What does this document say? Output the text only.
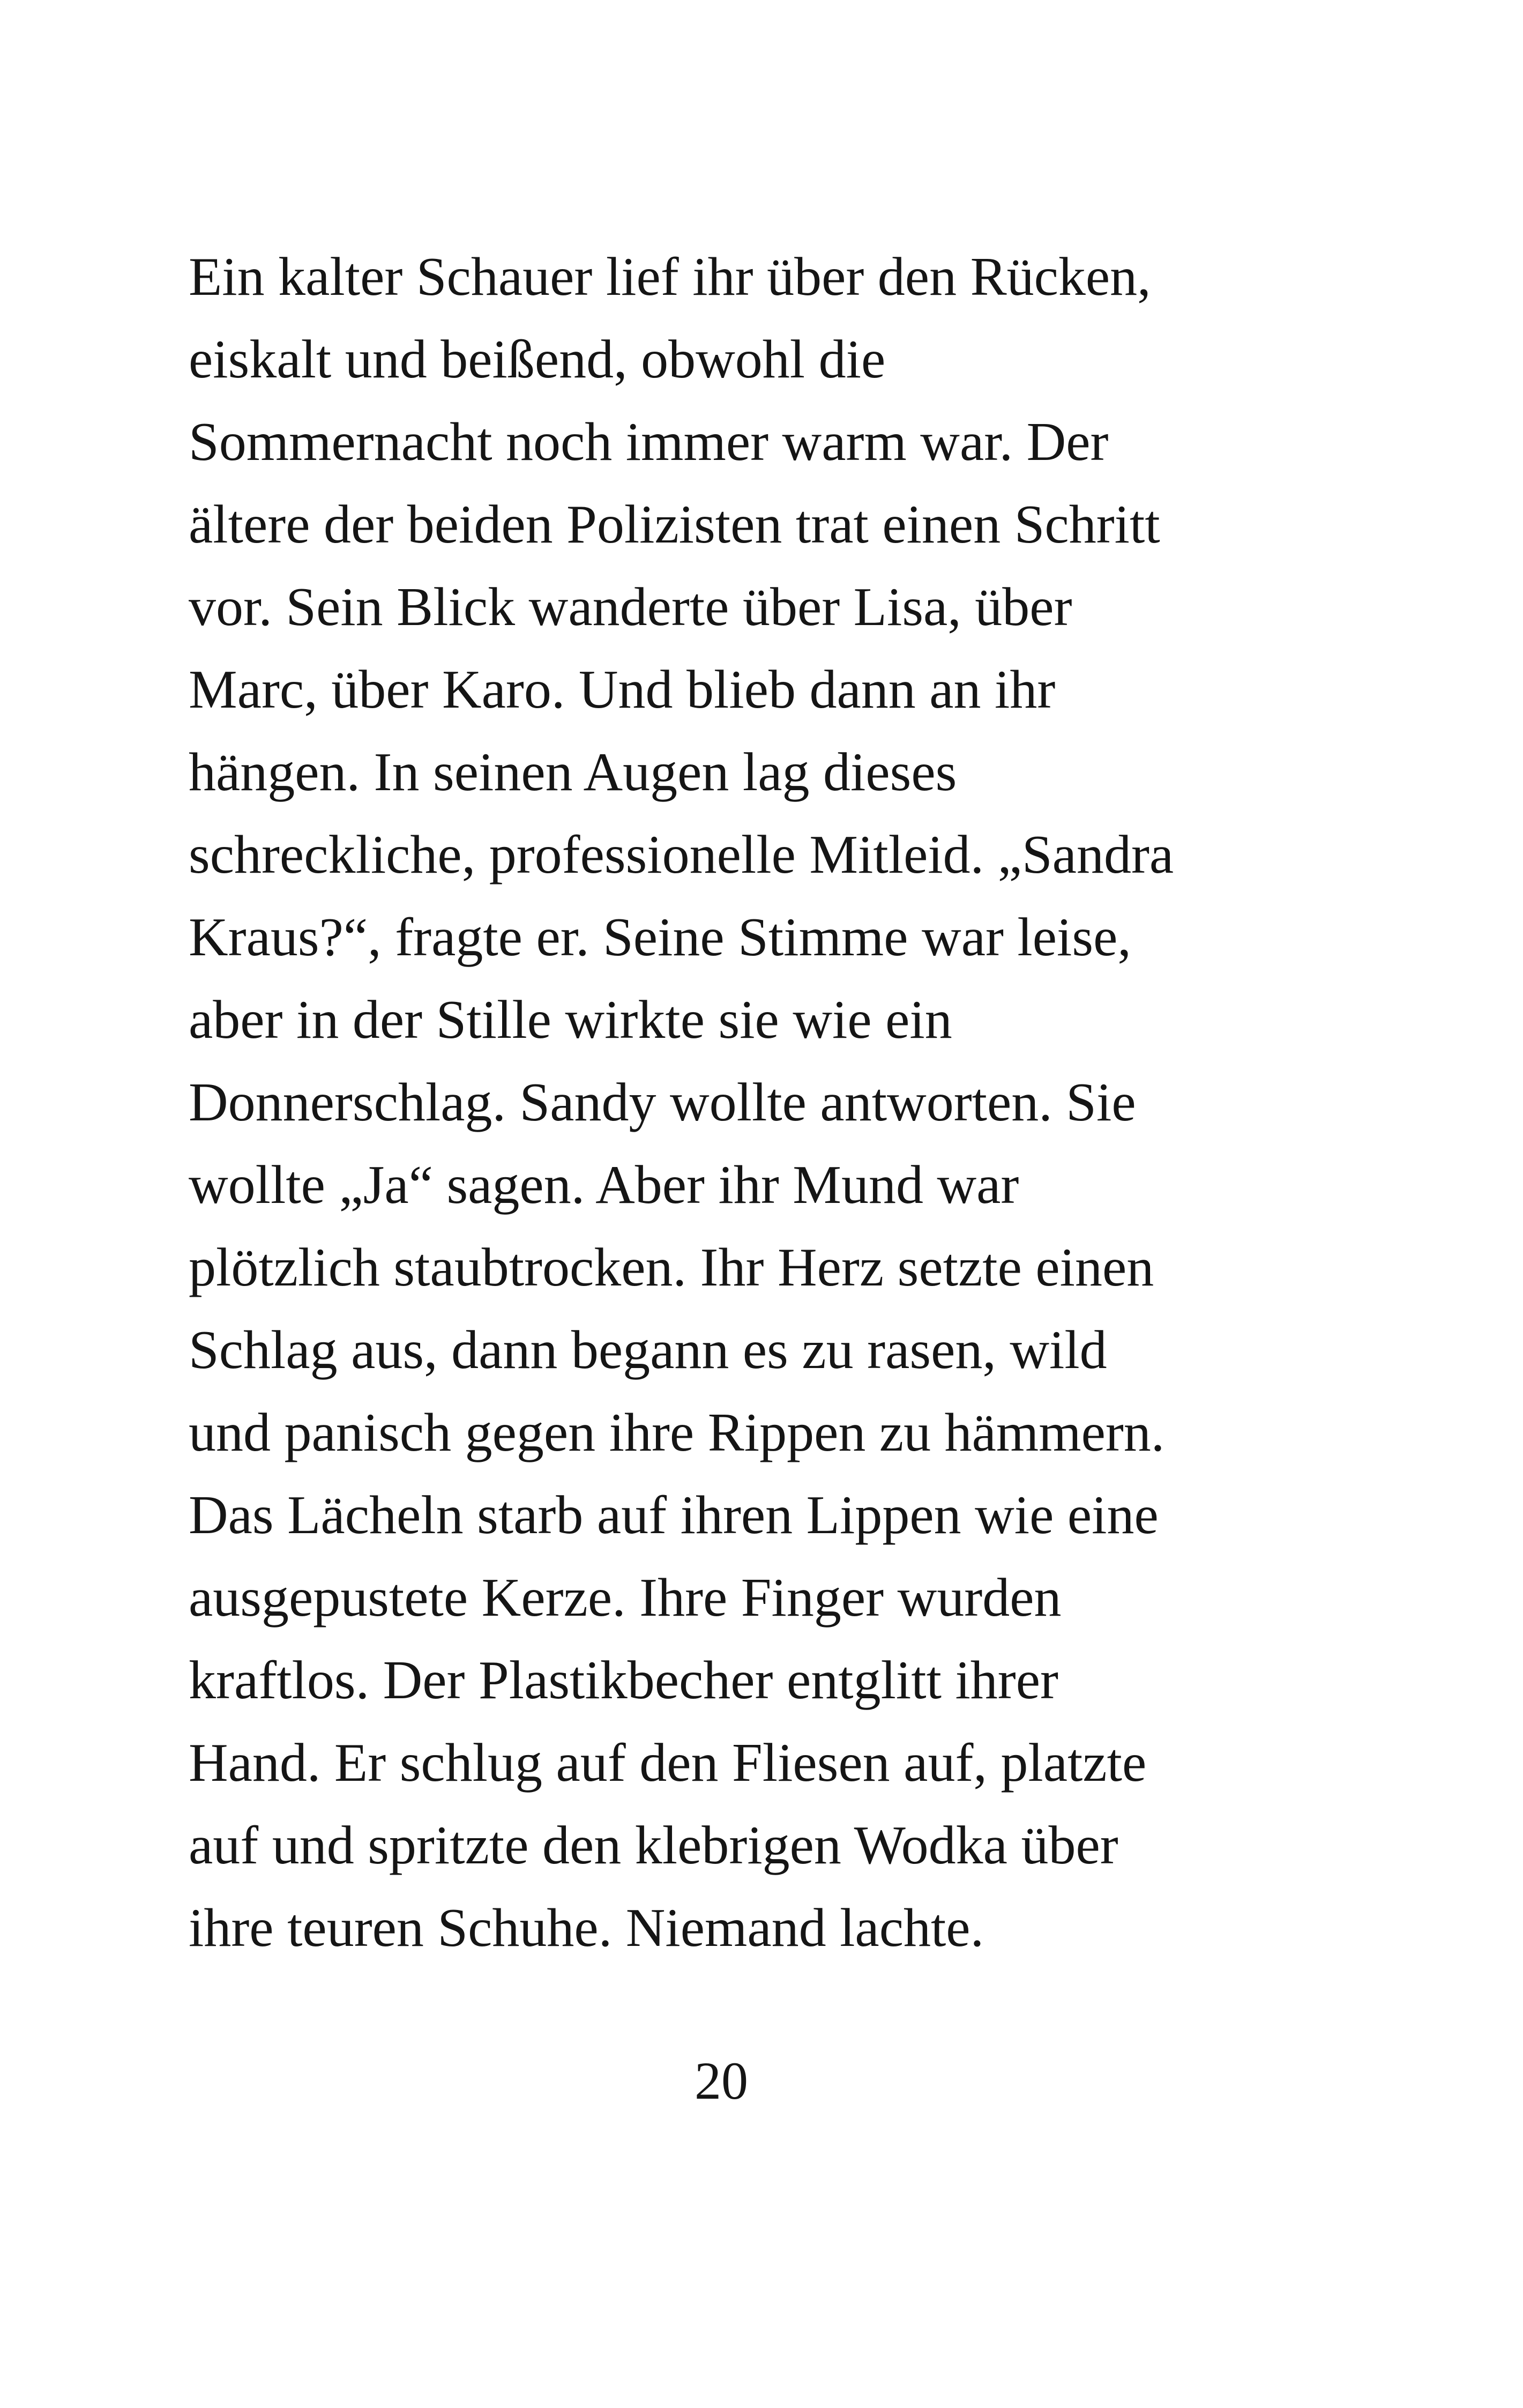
Ein kalter Schauer lief ihr über den Rücken,

eiskalt und beißend, obwohl die

Sommernacht noch immer warm war. Der

ältere der beiden Polizisten trat einen Schritt

vor. Sein Blick wanderte über Lisa, über

Marc, über Karo. Und blieb dann an ihr

hängen. In seinen Augen lag dieses

schreckliche, professionelle Mitleid. „Sandra

Kraus?“, fragte er. Seine Stimme war leise,

aber in der Stille wirkte sie wie ein

Donnerschlag. Sandy wollte antworten. Sie

wollte „Ja“ sagen. Aber ihr Mund war

plötzlich staubtrocken. Ihr Herz setzte einen

Schlag aus, dann begann es zu rasen, wild

und panisch gegen ihre Rippen zu hämmern.

Das Lächeln starb auf ihren Lippen wie eine

ausgepustete Kerze. Ihre Finger wurden

kraftlos. Der Plastikbecher entglitt ihrer

Hand. Er schlug auf den Fliesen auf, platzte

auf und spritzte den klebrigen Wodka über

ihre teuren Schuhe. Niemand lachte.

20
